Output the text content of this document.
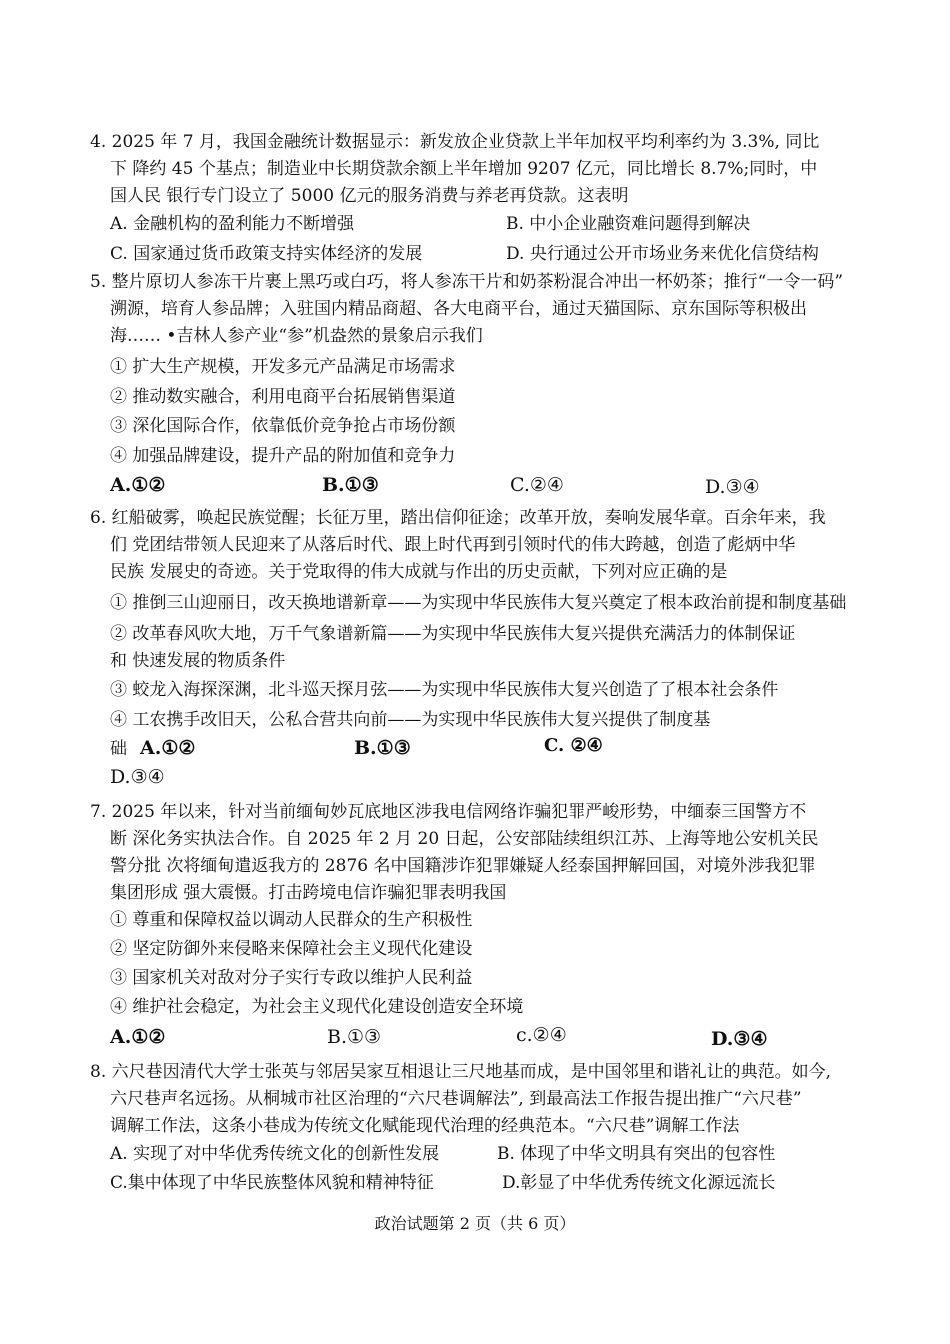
4. 2025 年 7 月，我国金融统计数据显示：新发放企业贷款上半年加权平均利率约为 3.3%, 同比
下 降约 45 个基点；制造业中长期贷款余额上半年增加 9207 亿元，同比增长 8.7%;同时，中
国人民 银行专门设立了 5000 亿元的服务消费与养老再贷款。这表明
A. 金融机构的盈利能力不断增强	B. 中小企业融资难问题得到解决
C. 国家通过货币政策支持实体经济的发展	D. 央行通过公开市场业务来优化信贷结构
5. 整片原切人参冻干片裹上黑巧或白巧，将人参冻干片和奶茶粉混合冲出一杯奶茶；推行“一令一码”
溯源，培育人参品牌；入驻国内精品商超、各大电商平台，通过天猫国际、京东国际等积极出
海…… •吉林人参产业“参”机盎然的景象启示我们
① 扩大生产规模，开发多元产品满足市场需求
② 推动数实融合，利用电商平台拓展销售渠道
③ 深化国际合作，依靠低价竞争抢占市场份额
④ 加强品牌建设，提升产品的附加值和竞争力
A.①②	B.①③	C.②④	D.③④
6. 红船破雾，唤起民族觉醒；长征万里，踏出信仰征途；改革开放，奏响发展华章。百余年来，我
们 党团结带领人民迎来了从落后时代、跟上时代再到引领时代的伟大跨越，创造了彪炳中华
民族 发展史的奇迹。关于党取得的伟大成就与作出的历史贡献，下列对应正确的是
① 推倒三山迎丽日，改天换地谱新章——为实现中华民族伟大复兴奠定了根本政治前提和制度基础
② 改革春风吹大地，万千气象谱新篇——为实现中华民族伟大复兴提供充满活力的体制保证
和 快速发展的物质条件
③ 蛟龙入海探深渊，北斗巡天探月弦——为实现中华民族伟大复兴创造了了根本社会条件
④ 工农携手改旧天，公私合营共向前——为实现中华民族伟大复兴提供了制度基
础 A.①②	B.①③	C. ②④
D.③④
7. 2025 年以来，针对当前缅甸妙瓦底地区涉我电信网络诈骗犯罪严峻形势，中缅泰三国警方不
断 深化务实执法合作。自 2025 年 2 月 20 日起，公安部陆续组织江苏、上海等地公安机关民
警分批 次将缅甸遣返我方的 2876 名中国籍涉诈犯罪嫌疑人经泰国押解回国，对境外涉我犯罪
集团形成 强大震慑。打击跨境电信诈骗犯罪表明我国
① 尊重和保障权益以调动人民群众的生产积极性
② 坚定防御外来侵略来保障社会主义现代化建设
③ 国家机关对敌对分子实行专政以维护人民利益
④ 维护社会稳定，为社会主义现代化建设创造安全环境
A.①②	B.①③	c.②④	D.③④
8. 六尺巷因清代大学士张英与邻居吴家互相退让三尺地基而成，是中国邻里和谐礼让的典范。如今,
六尺巷声名远扬。从桐城市社区治理的“六尺巷调解法”, 到最高法工作报告提出推广“六尺巷”
调解工作法，这条小巷成为传统文化赋能现代治理的经典范本。“六尺巷”调解工作法
A. 实现了对中华优秀传统文化的创新性发展	B. 体现了中华文明具有突出的包容性
C.集中体现了中华民族整体风貌和精神特征	D.彰显了中华优秀传统文化源远流长
政治试题第 2 页（共 6 页）
